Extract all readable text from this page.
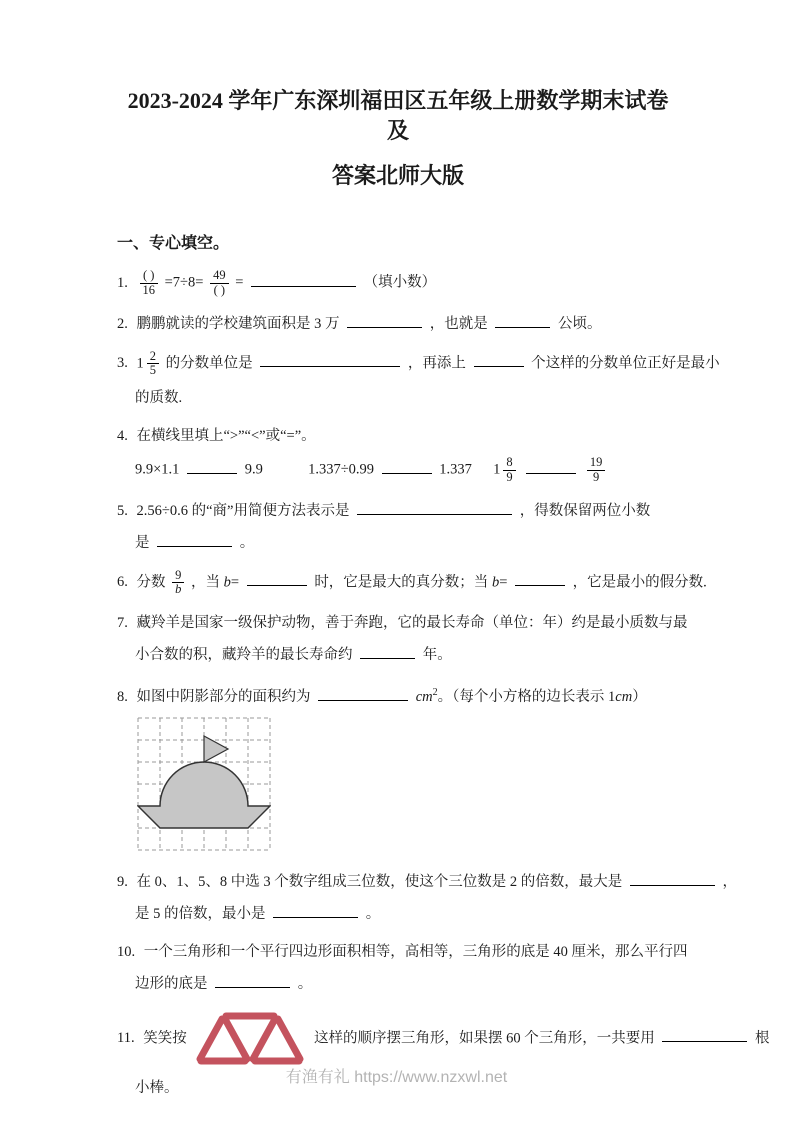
2023-2024 学年广东深圳福田区五年级上册数学期末试卷及
答案北师大版
一、专心填空。
1. $\frac{( )}{16} =7\div 8= \frac{49}{( )}$ =	（填小数）
2. 鹏鹏就读的学校建筑面积是 3 万	，也就是	公顷。
3. $1 \frac{2}{5}$ 的分数单位是	，再添上	个这样的分数单位正好是最小
的质数.
4. 在横线里填上“>”“<”或“=”。
9.9×1.1	9.9	1.337÷0.99	1.337 $1 \frac{8}{9}$
	$\frac{19}{9}$
5. 2.56÷0.6 的“商”用简便方法表示是	，得数保留两位小数
是	。
6. 分数 $\frac{9}{b}$ ，当 b=	时，它是最大的真分数；当 b=	，它是最小的假分数.
7. 藏羚羊是国家一级保护动物，善于奔跑，它的最长寿命（单位：年）约是最小质数与最
小合数的积，藏羚羊的最长寿命约	年。
8. 如图中阴影部分的面积约为	$cm^2$。（每个小方格的边长表示 1cm）
9. 在 0、1、5、8 中选 3 个数字组成三位数，使这个三位数是 2 的倍数，最大是	，
是 5 的倍数，最小是	。
10. 一个三角形和一个平行四边形面积相等，高相等，三角形的底是 40 厘米，那么平行四
边形的底是	。
11. 笑笑按	这样的顺序摆三角形，如果摆 60 个三角形，一共要用	根
小棒。
有渔有礼 https://www.nzxwl.net
